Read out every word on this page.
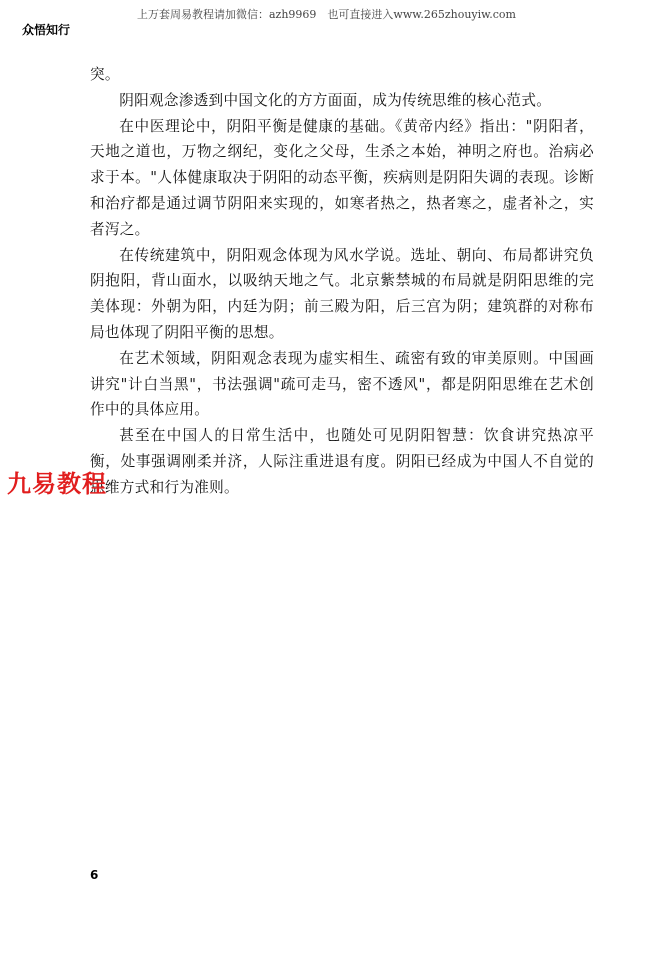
上万套周易教程请加微信：azh9969　也可直接进入www.265zhouyiw.com
众悟知行

突。

阴阳观念渗透到中国文化的方方面面，成为传统思维的核心范式。

在中医理论中，阴阳平衡是健康的基础。《黄帝内经》指出："阴阳者，天地之道也，万物之纲纪，变化之父母，生杀之本始，神明之府也。治病必求于本。"人体健康取决于阴阳的动态平衡，疾病则是阴阳失调的表现。诊断和治疗都是通过调节阴阳来实现的，如寒者热之，热者寒之，虚者补之，实者泻之。

在传统建筑中，阴阳观念体现为风水学说。选址、朝向、布局都讲究负阴抱阳，背山面水，以吸纳天地之气。北京紫禁城的布局就是阴阳思维的完美体现：外朝为阳，内廷为阴；前三殿为阳，后三宫为阴；建筑群的对称布局也体现了阴阳平衡的思想。

在艺术领域，阴阳观念表现为虚实相生、疏密有致的审美原则。中国画讲究"计白当黑"，书法强调"疏可走马，密不透风"，都是阴阳思维在艺术创作中的具体应用。

甚至在中国人的日常生活中，也随处可见阴阳智慧：饮食讲究热凉平衡，处事强调刚柔并济，人际注重进退有度。阴阳已经成为中国人不自觉的思维方式和行为准则。

九易教程
6
